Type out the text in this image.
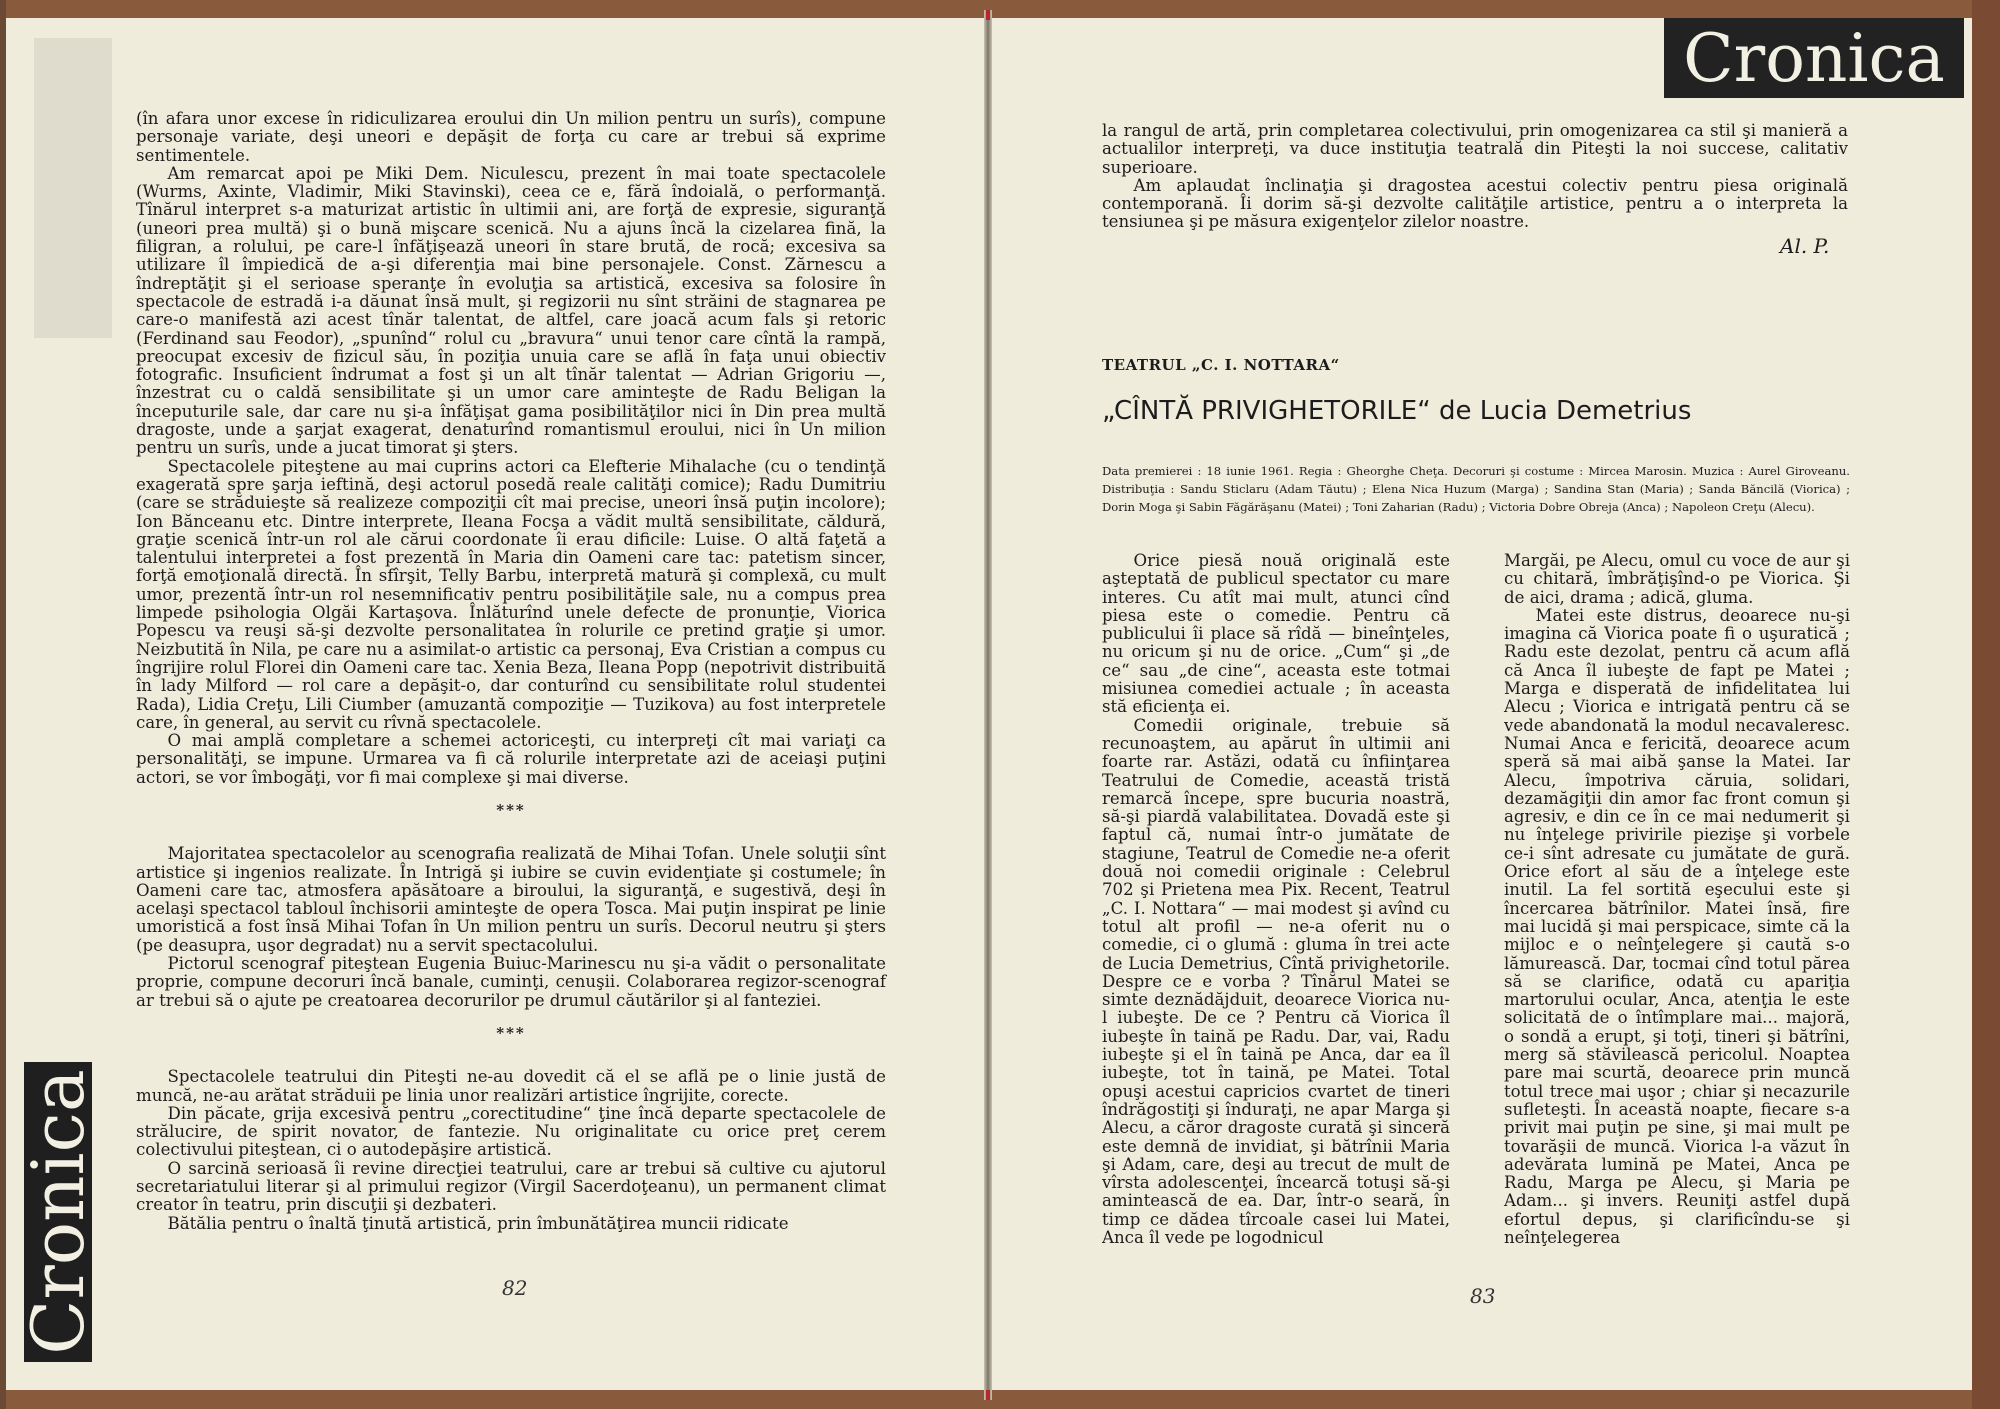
(în afara unor excese în ridiculizarea eroului din Un milion pentru un surîs), compune personaje variate, deşi uneori e depăşit de forţa cu care ar trebui să exprime sentimentele.

Am remarcat apoi pe Miki Dem. Niculescu, prezent în mai toate spectacolele (Wurms, Axinte, Vladimir, Miki Stavinski), ceea ce e, fără îndoială, o performanţă. Tînărul interpret s-a maturizat artistic în ultimii ani, are forţă de expresie, siguranţă (uneori prea multă) şi o bună mişcare scenică. Nu a ajuns încă la cizelarea fină, la filigran, a rolului, pe care-l înfăţişează uneori în stare brută, de rocă; excesiva sa utilizare îl împiedică de a-şi diferenţia mai bine personajele. Const. Zărnescu a îndreptăţit şi el serioase speranţe în evoluţia sa artistică, excesiva sa folosire în spectacole de estradă i-a dăunat însă mult, şi regizorii nu sînt străini de stagnarea pe care-o manifestă azi acest tînăr talentat, de altfel, care joacă acum fals şi retoric (Ferdinand sau Feodor), „spunînd“ rolul cu „bravura“ unui tenor care cîntă la rampă, preocupat excesiv de fizicul său, în poziţia unuia care se află în faţa unui obiectiv fotografic. Insuficient îndrumat a fost şi un alt tînăr talentat — Adrian Grigoriu —, înzestrat cu o caldă sensibilitate şi un umor care aminteşte de Radu Beligan la începuturile sale, dar care nu şi-a înfăţişat gama posibilităţilor nici în Din prea multă dragoste, unde a şarjat exagerat, denaturînd romantismul eroului, nici în Un milion pentru un surîs, unde a jucat timorat şi şters.

Spectacolele piteştene au mai cuprins actori ca Elefterie Mihalache (cu o tendinţă exagerată spre şarja ieftină, deşi actorul posedă reale calităţi comice); Radu Dumitriu (care se străduieşte să realizeze compoziţii cît mai precise, uneori însă puţin incolore); Ion Bănceanu etc. Dintre interprete, Ileana Focşa a vădit multă sensibilitate, căldură, graţie scenică într-un rol ale cărui coordonate îi erau dificile: Luise. O altă faţetă a talentului interpretei a fost prezentă în Maria din Oameni care tac: patetism sincer, forţă emoţională directă. În sfîrşit, Telly Barbu, interpretă matură şi complexă, cu mult umor, prezentă într-un rol nesemnificativ pentru posibilităţile sale, nu a compus prea limpede psihologia Olgăi Kartaşova. Înlăturînd unele defecte de pronunţie, Viorica Popescu va reuşi să-şi dezvolte personalitatea în rolurile ce pretind graţie şi umor. Neizbutită în Nila, pe care nu a asimilat-o artistic ca personaj, Eva Cristian a compus cu îngrijire rolul Florei din Oameni care tac. Xenia Beza, Ileana Popp (nepotrivit distribuită în lady Milford — rol care a depăşit-o, dar conturînd cu sensibilitate rolul studentei Rada), Lidia Creţu, Lili Ciumber (amuzantă compoziţie — Tuzikova) au fost interpretele care, în general, au servit cu rîvnă spectacolele.

O mai amplă completare a schemei actoriceşti, cu interpreţi cît mai variaţi ca personalităţi, se impune. Urmarea va fi că rolurile interpretate azi de aceiaşi puţini actori, se vor îmbogăţi, vor fi mai complexe şi mai diverse.

***

Majoritatea spectacolelor au scenografia realizată de Mihai Tofan. Unele soluţii sînt artistice şi ingenios realizate. În Intrigă şi iubire se cuvin evidenţiate şi costumele; în Oameni care tac, atmosfera apăsătoare a biroului, la siguranţă, e sugestivă, deşi în acelaşi spectacol tabloul închisorii aminteşte de opera Tosca. Mai puţin inspirat pe linie umoristică a fost însă Mihai Tofan în Un milion pentru un surîs. Decorul neutru şi şters (pe deasupra, uşor degradat) nu a servit spectacolului.

Pictorul scenograf piteştean Eugenia Buiuc-Marinescu nu şi-a vădit o personalitate proprie, compune decoruri încă banale, cuminţi, cenuşii. Colaborarea regizor-scenograf ar trebui să o ajute pe creatoarea decorurilor pe drumul căutărilor şi al fanteziei.

***

Spectacolele teatrului din Piteşti ne-au dovedit că el se află pe o linie justă de muncă, ne-au arătat străduii pe linia unor realizări artistice îngrijite, corecte.

Din păcate, grija excesivă pentru „corectitudine“ ţine încă departe spectacolele de strălucire, de spirit novator, de fantezie. Nu originalitate cu orice preţ cerem colectivului piteştean, ci o autodepăşire artistică.

O sarcină serioasă îi revine direcţiei teatrului, care ar trebui să cultive cu ajutorul secretariatului literar şi al primului regizor (Virgil Sacerdoţeanu), un permanent climat creator în teatru, prin discuţii şi dezbateri.

Bătălia pentru o înaltă ţinută artistică, prin îmbunătăţirea muncii ridicate

82
Cronica
Cronica

la rangul de artă, prin completarea colectivului, prin omogenizarea ca stil şi manieră a actualilor interpreţi, va duce instituţia teatrală din Piteşti la noi succese, calitativ superioare.

Am aplaudat înclinaţia şi dragostea acestui colectiv pentru piesa originală contemporană. Îi dorim să-şi dezvolte calităţile artistice, pentru a o interpreta la tensiunea şi pe măsura exigenţelor zilelor noastre.

Al. P.
TEATRUL „C. I. NOTTARA“
„CÎNTĂ PRIVIGHETORILE“ de Lucia Demetrius
Data premierei : 18 iunie 1961. Regia : Gheorghe Cheţa. Decoruri şi costume : Mircea Marosin. Muzica : Aurel Giroveanu. Distribuţia : Sandu Sticlaru (Adam Tăutu) ; Elena Nica Huzum (Marga) ; Sandina Stan (Maria) ; Sanda Băncilă (Viorica) ; Dorin Moga şi Sabin Făgărăşanu (Matei) ; Toni Zaharian (Radu) ; Victoria Dobre Obreja (Anca) ; Napoleon Creţu (Alecu).

Orice piesă nouă originală este aşteptată de publicul spectator cu mare interes. Cu atît mai mult, atunci cînd piesa este o comedie. Pentru că publicului îi place să rîdă — bineînţeles, nu oricum şi nu de orice. „Cum“ şi „de ce“ sau „de cine“, aceasta este totmai misiunea comediei actuale ; în aceasta stă eficienţa ei.

Comedii originale, trebuie să recunoaştem, au apărut în ultimii ani foarte rar. Astăzi, odată cu înfiinţarea Teatrului de Comedie, această tristă remarcă începe, spre bucuria noastră, să-şi piardă valabilitatea. Dovadă este şi faptul că, numai într-o jumătate de stagiune, Teatrul de Comedie ne-a oferit două noi comedii originale : Celebrul 702 şi Prietena mea Pix. Recent, Teatrul „C. I. Nottara“ — mai modest şi avînd cu totul alt profil — ne-a oferit nu o comedie, ci o glumă : gluma în trei acte de Lucia Demetrius, Cîntă privighetorile. Despre ce e vorba ? Tînărul Matei se simte deznădăjduit, deoarece Viorica nu-l iubeşte. De ce ? Pentru că Viorica îl iubeşte în taină pe Radu. Dar, vai, Radu iubeşte şi el în taină pe Anca, dar ea îl iubeşte, tot în taină, pe Matei. Total opuşi acestui capricios cvartet de tineri îndrăgostiţi şi înduraţi, ne apar Marga şi Alecu, a căror dragoste curată şi sinceră este demnă de invidiat, şi bătrînii Maria şi Adam, care, deşi au trecut de mult de vîrsta adolescenţei, încearcă totuşi să-şi amintească de ea. Dar, într-o seară, în timp ce dădea tîrcoale casei lui Matei, Anca îl vede pe logodnicul

Margăi, pe Alecu, omul cu voce de aur şi cu chitară, îmbrăţişînd-o pe Viorica. Şi de aici, drama ; adică, gluma.

Matei este distrus, deoarece nu-şi imagina că Viorica poate fi o uşuratică ; Radu este dezolat, pentru că acum află că Anca îl iubeşte de fapt pe Matei ; Marga e disperată de infidelitatea lui Alecu ; Viorica e intrigată pentru că se vede abandonată la modul necavaleresc. Numai Anca e fericită, deoarece acum speră să mai aibă şanse la Matei. Iar Alecu, împotriva căruia, solidari, dezamăgiţii din amor fac front comun şi agresiv, e din ce în ce mai nedumerit şi nu înţelege privirile piezişe şi vorbele ce-i sînt adresate cu jumătate de gură. Orice efort al său de a înţelege este inutil. La fel sortită eşecului este şi încercarea bătrînilor. Matei însă, fire mai lucidă şi mai perspicace, simte că la mijloc e o neînţelegere şi caută s-o lămurească. Dar, tocmai cînd totul părea să se clarifice, odată cu apariţia martorului ocular, Anca, atenţia le este solicitată de o întîmplare mai... majoră, o sondă a erupt, şi toţi, tineri şi bătrîni, merg să stăvilească pericolul. Noaptea pare mai scurtă, deoarece prin muncă totul trece mai uşor ; chiar şi necazurile sufleteşti. În această noapte, fiecare s-a privit mai puţin pe sine, şi mai mult pe tovarăşii de muncă. Viorica l-a văzut în adevărata lumină pe Matei, Anca pe Radu, Marga pe Alecu, şi Maria pe Adam... şi invers. Reuniţi astfel după efortul depus, şi clarificîndu-se şi neînţelegerea

83
